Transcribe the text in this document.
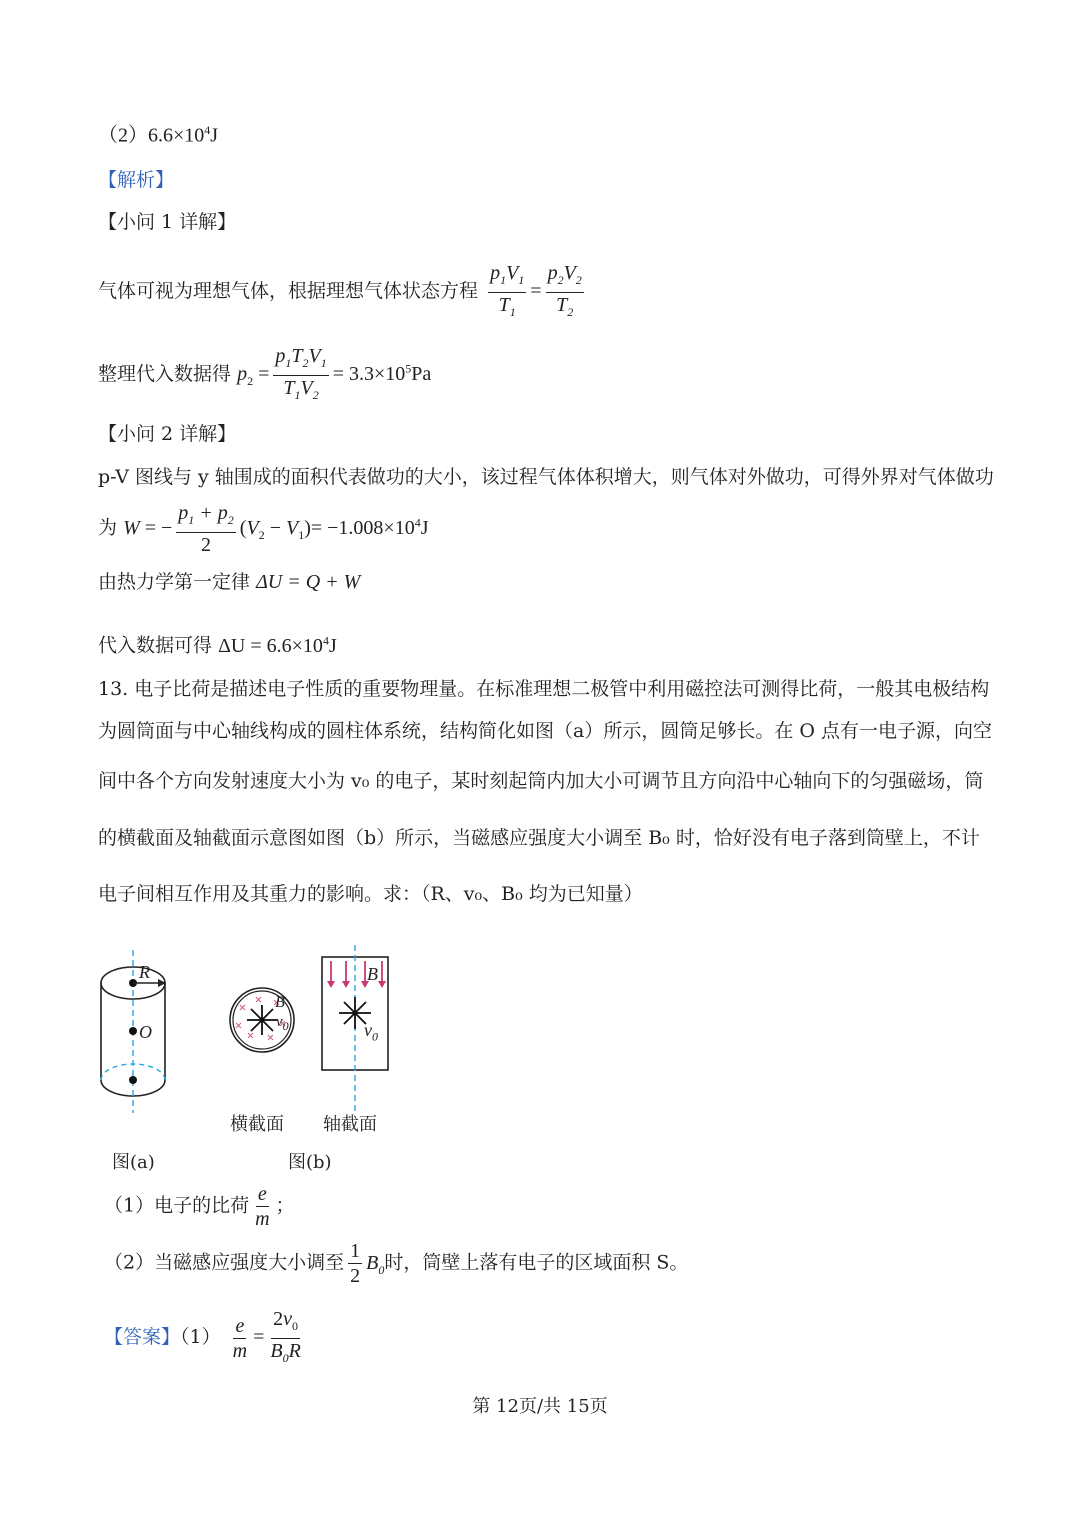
$(2)6.6\times 10^4J$
【解析】
【小问 1 详解】
气体可视为理想气体，根据理想气体状态方程 $\frac{p_1V_1}{T_1} = \frac{p_2V_2}{T_2}$
整理代入数据得 $p_2 = \frac{p_1T_2V_1}{T_1V_2} = 3.3\times 10^5Pa$
【小问 2 详解】
p-V 图线与 y 轴围成的面积代表做功的大小，该过程气体体积增大，则气体对外做功，可得外界对气体做功
为 W = − $\frac{p_1 + p_2}{2} (V_2 - V_1)= -1.008\times 10^4J$
由热力学第一定律 ΔU = Q + W
代入数据可得 $\Delta U = 6.6\times 10^4J$
13. 电子比荷是描述电子性质的重要物理量。在标准理想二极管中利用磁控法可测得比荷，一般其电极结构
为圆筒面与中心轴线构成的圆柱体系统，结构简化如图（a）所示，圆筒足够长。在 O 点有一电子源，向空
间中各个方向发射速度大小为 v₀ 的电子，某时刻起筒内加大小可调节且方向沿中心轴向下的匀强磁场，筒
的横截面及轴截面示意图如图（b）所示，当磁感应强度大小调至 B₀ 时，恰好没有电子落到筒壁上，不计
电子间相互作用及其重力的影响。求：（R、v₀、B₀ 均为已知量）
R
O
B
$v_0$
B
$v_0$
横截面 轴截面
图(a)	图(b)
（1）电子的比荷 $\frac{e}{m}$ ；
（2）当磁感应强度大小调至 $\frac{1}{2} B_0$时，筒壁上落有电子的区域面积 S。
【答案】$(1) \frac{e}{m} = \frac{2v_0}{B_0R}$
第 12页/共 15页
